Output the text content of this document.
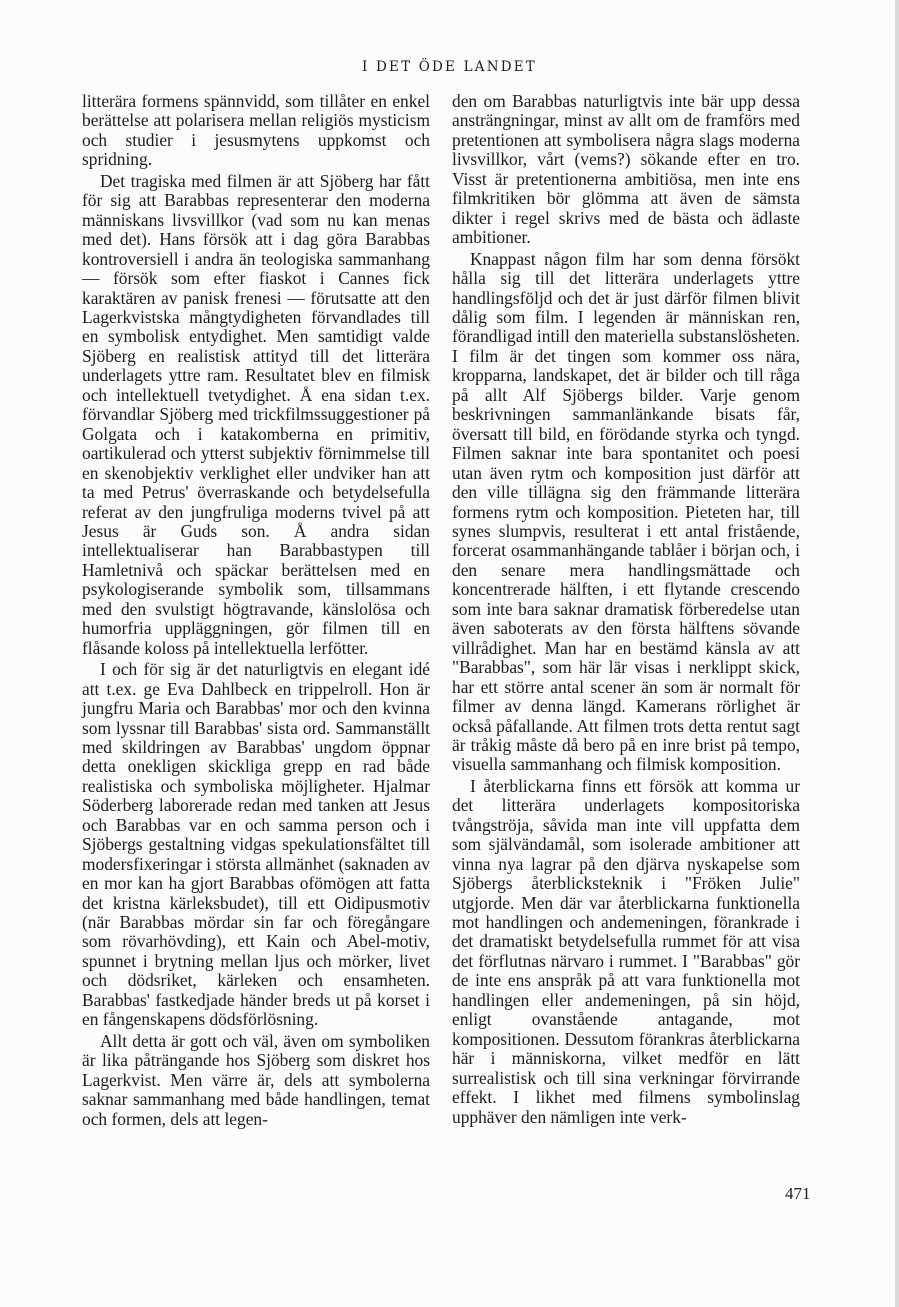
I DET ÖDE LANDET

litterära formens spännvidd, som tillåter en enkel berättelse att polarisera mellan religiös mysticism och studier i jesusmytens uppkomst och spridning.

Det tragiska med filmen är att Sjöberg har fått för sig att Barabbas representerar den moderna människans livsvillkor (vad som nu kan menas med det). Hans försök att i dag göra Barabbas kontroversiell i andra än teologiska sammanhang — försök som efter fiaskot i Cannes fick karaktären av panisk frenesi — förutsatte att den Lagerkvistska mångtydigheten förvandlades till en symbolisk entydighet. Men samtidigt valde Sjöberg en realistisk attityd till det litterära underlagets yttre ram. Resultatet blev en filmisk och intellektuell tvetydighet. Å ena sidan t.ex. förvandlar Sjöberg med trickfilmssuggestioner på Golgata och i katakomberna en primitiv, oartikulerad och ytterst subjektiv förnimmelse till en skenobjektiv verklighet eller undviker han att ta med Petrus' överraskande och betydelsefulla referat av den jungfruliga moderns tvivel på att Jesus är Guds son. Å andra sidan intellektualiserar han Barabbastypen till Hamletnivå och späckar berättelsen med en psykologiserande symbolik som, tillsammans med den svulstigt högtravande, känslolösa och humorfria uppläggningen, gör filmen till en flåsande koloss på intellektuella lerfötter.

I och för sig är det naturligtvis en elegant idé att t.ex. ge Eva Dahlbeck en trippelroll. Hon är jungfru Maria och Barabbas' mor och den kvinna som lyssnar till Barabbas' sista ord. Sammanställt med skildringen av Barabbas' ungdom öppnar detta onekligen skickliga grepp en rad både realistiska och symboliska möjligheter. Hjalmar Söderberg laborerade redan med tanken att Jesus och Barabbas var en och samma person och i Sjöbergs gestaltning vidgas spekulationsfältet till modersfixeringar i största allmänhet (saknaden av en mor kan ha gjort Barabbas ofömögen att fatta det kristna kärleksbudet), till ett Oidipusmotiv (när Barabbas mördar sin far och föregångare som rövarhövding), ett Kain och Abel-motiv, spunnet i brytning mellan ljus och mörker, livet och dödsriket, kärleken och ensamheten. Barabbas' fastkedjade händer breds ut på korset i en fångenskapens dödsförlösning.

Allt detta är gott och väl, även om symboliken är lika påträngande hos Sjöberg som diskret hos Lagerkvist. Men värre är, dels att symbolerna saknar sammanhang med både handlingen, temat och formen, dels att legen-

den om Barabbas naturligtvis inte bär upp dessa ansträngningar, minst av allt om de framförs med pretentionen att symbolisera några slags moderna livsvillkor, vårt (vems?) sökande efter en tro. Visst är pretentionerna ambitiösa, men inte ens filmkritiken bör glömma att även de sämsta dikter i regel skrivs med de bästa och ädlaste ambitioner.

Knappast någon film har som denna försökt hålla sig till det litterära underlagets yttre handlingsföljd och det är just därför filmen blivit dålig som film. I legenden är människan ren, förandligad intill den materiella substanslösheten. I film är det tingen som kommer oss nära, kropparna, landskapet, det är bilder och till råga på allt Alf Sjöbergs bilder. Varje genom beskrivningen sammanlänkande bisats får, översatt till bild, en förödande styrka och tyngd. Filmen saknar inte bara spontanitet och poesi utan även rytm och komposition just därför att den ville tillägna sig den främmande litterära formens rytm och komposition. Pieteten har, till synes slumpvis, resulterat i ett antal fristående, forcerat osammanhängande tablåer i början och, i den senare mera handlingsmättade och koncentrerade hälften, i ett flytande crescendo som inte bara saknar dramatisk förberedelse utan även saboterats av den första hälftens sövande villrådighet. Man har en bestämd känsla av att "Barabbas", som här lär visas i nerklippt skick, har ett större antal scener än som är normalt för filmer av denna längd. Kamerans rörlighet är också påfallande. Att filmen trots detta rentut sagt är tråkig måste då bero på en inre brist på tempo, visuella sammanhang och filmisk komposition.

I återblickarna finns ett försök att komma ur det litterära underlagets kompositoriska tvångströja, såvida man inte vill uppfatta dem som självändamål, som isolerade ambitioner att vinna nya lagrar på den djärva nyskapelse som Sjöbergs återblicksteknik i "Fröken Julie" utgjorde. Men där var återblickarna funktionella mot handlingen och andemeningen, förankrade i det dramatiskt betydelsefulla rummet för att visa det förflutnas närvaro i rummet. I "Barabbas" gör de inte ens anspråk på att vara funktionella mot handlingen eller andemeningen, på sin höjd, enligt ovanstående antagande, mot kompositionen. Dessutom förankras återblickarna här i människorna, vilket medför en lätt surrealistisk och till sina verkningar förvirrande effekt. I likhet med filmens symbolinslag upphäver den nämligen inte verk-

471
